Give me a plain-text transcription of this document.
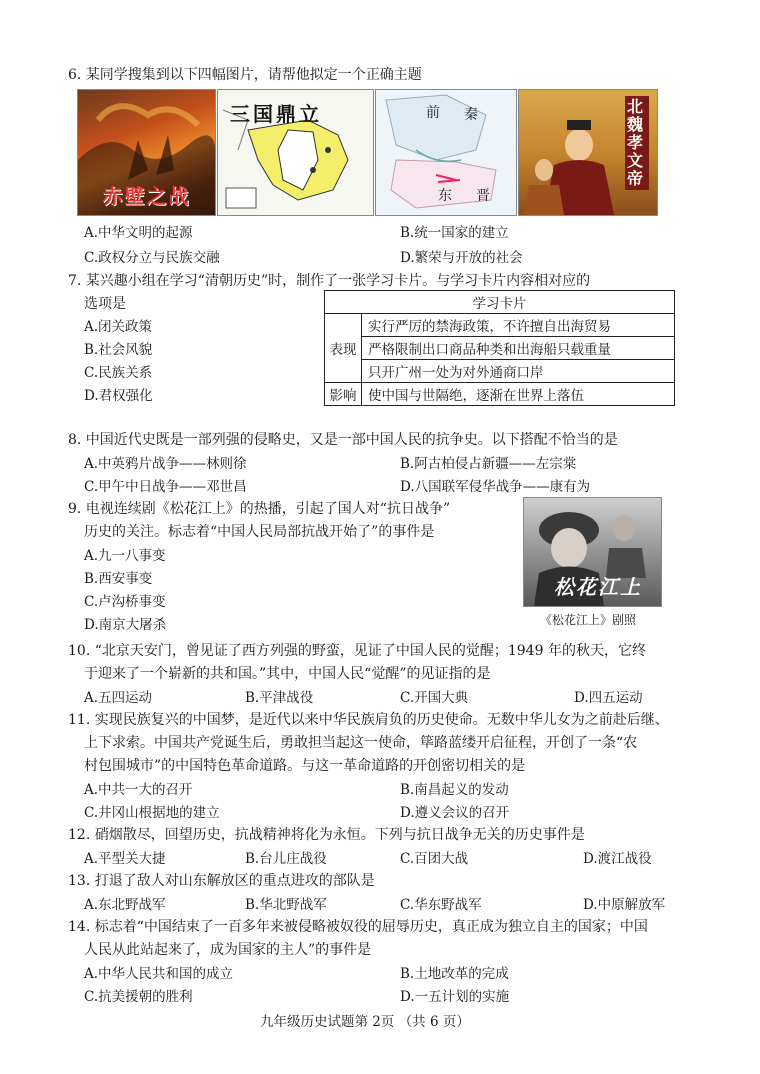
6. 某同学搜集到以下四幅图片，请帮他拟定一个正确主题
赤壁之战
三国鼎立	前 秦
东 晋
北魏孝文帝
A.中华文明的起源	B.统一国家的建立
C.政权分立与民族交融	D.繁荣与开放的社会
7. 某兴趣小组在学习“清朝历史”时，制作了一张学习卡片。与学习卡片内容相对应的
选项是
A.闭关政策
B.社会风貌
C.民族关系
D.君权强化
学习卡片	
表现	实行严厉的禁海政策，不许擅自出海贸易
	严格限制出口商品种类和出海船只载重量
	只开广州一处为对外通商口岸
影响	使中国与世隔绝，逐渐在世界上落伍
8. 中国近代史既是一部列强的侵略史，又是一部中国人民的抗争史。以下搭配不恰当的是
A.中英鸦片战争——林则徐	B.阿古柏侵占新疆——左宗棠
C.甲午中日战争——邓世昌	D.八国联军侵华战争——康有为
9. 电视连续剧《松花江上》的热播，引起了国人对“抗日战争”
历史的关注。标志着“中国人民局部抗战开始了”的事件是
A.九一八事变
B.西安事变
C.卢沟桥事变
D.南京大屠杀
松花江上
《松花江上》剧照
10. “北京天安门，曾见证了西方列强的野蛮，见证了中国人民的觉醒；1949 年的秋天，它终
于迎来了一个崭新的共和国。”其中，中国人民“觉醒”的见证指的是
A.五四运动	B.平津战役	C.开国大典	D.四五运动
11. 实现民族复兴的中国梦，是近代以来中华民族肩负的历史使命。无数中华儿女为之前赴后继、
上下求索。中国共产党诞生后，勇敢担当起这一使命，筚路蓝缕开启征程，开创了一条“农
村包围城市”的中国特色革命道路。与这一革命道路的开创密切相关的是
A.中共一大的召开	B.南昌起义的发动
C.井冈山根据地的建立	D.遵义会议的召开
12. 硝烟散尽，回望历史，抗战精神将化为永恒。下列与抗日战争无关的历史事件是
A.平型关大捷	B.台儿庄战役	C.百团大战	D.渡江战役
13. 打退了敌人对山东解放区的重点进攻的部队是
A.东北野战军	B.华北野战军	C.华东野战军	D.中原解放军
14. 标志着“中国结束了一百多年来被侵略被奴役的屈辱历史，真正成为独立自主的国家；中国
人民从此站起来了，成为国家的主人”的事件是
A.中华人民共和国的成立	B.土地改革的完成
C.抗美援朝的胜利	D.一五计划的实施
九年级历史试题第 2页 （共 6 页）
